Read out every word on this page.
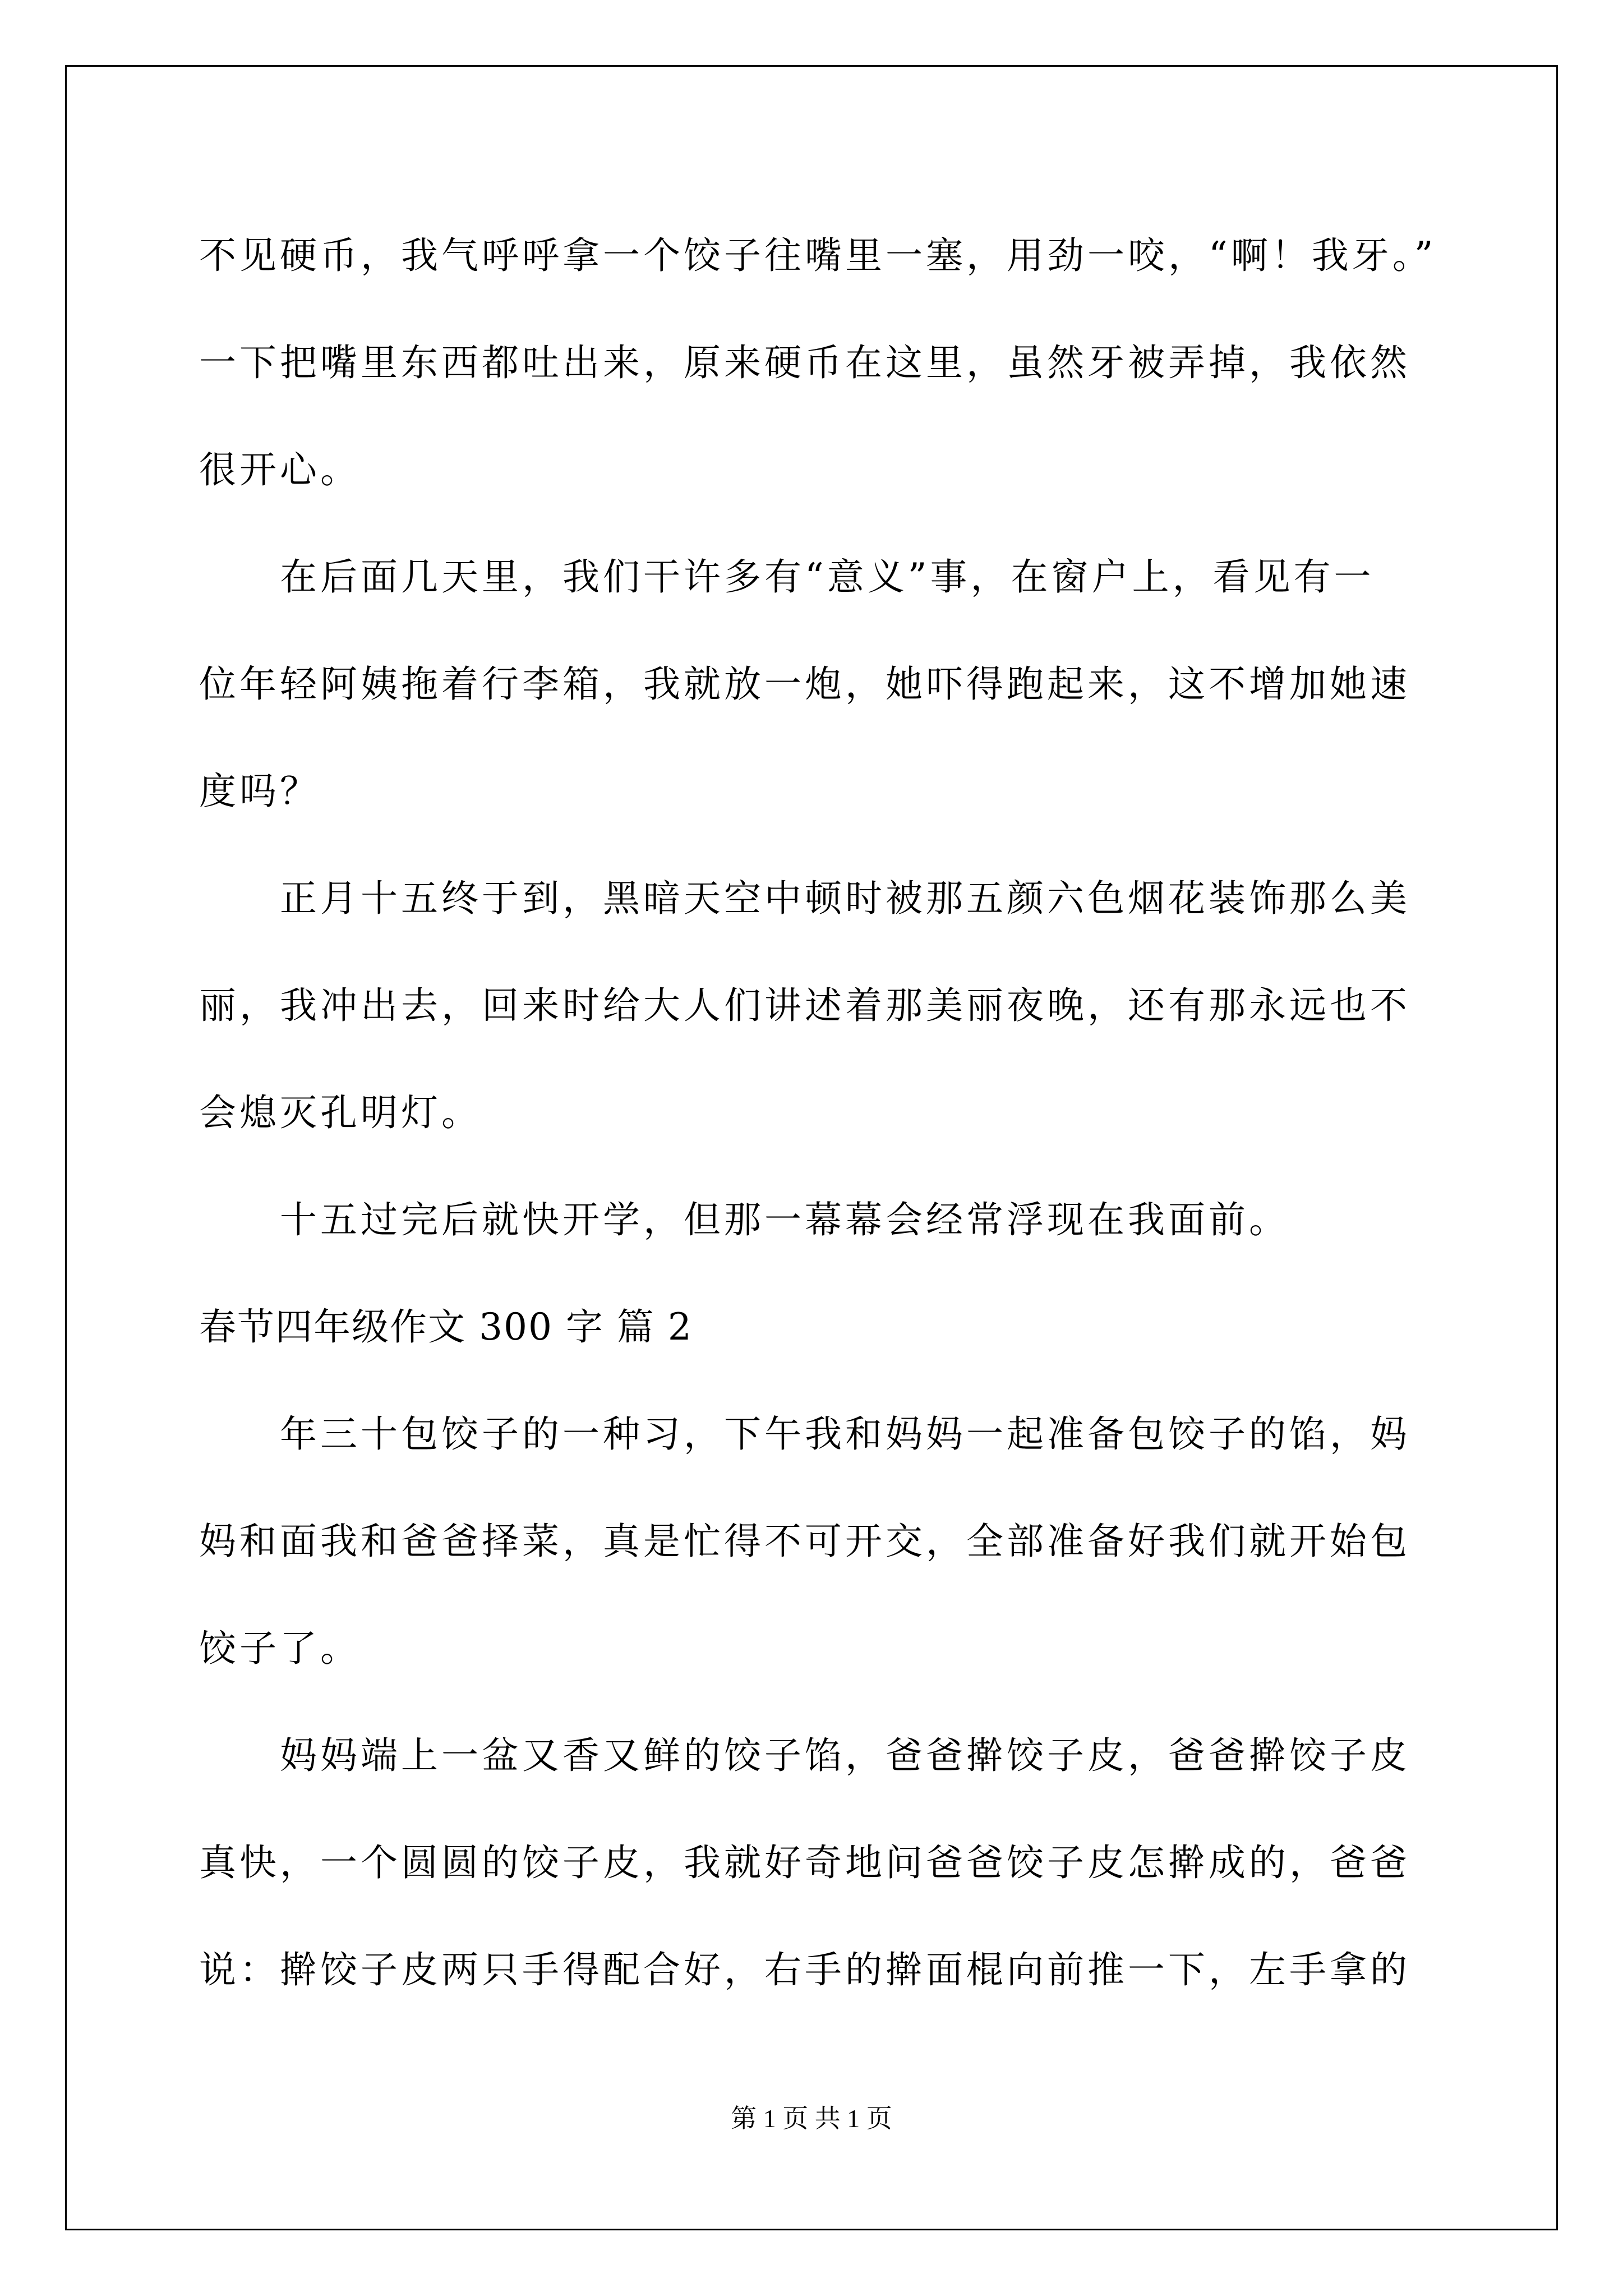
不见硬币，我气呼呼拿一个饺子往嘴里一塞，用劲一咬，“啊！我牙。”
一下把嘴里东西都吐出来，原来硬币在这里，虽然牙被弄掉，我依然
很开心。
在后面几天里，我们干许多有“意义”事，在窗户上，看见有一
位年轻阿姨拖着行李箱，我就放一炮，她吓得跑起来，这不增加她速
度吗？
正月十五终于到，黑暗天空中顿时被那五颜六色烟花装饰那么美
丽，我冲出去，回来时给大人们讲述着那美丽夜晚，还有那永远也不
会熄灭孔明灯。
十五过完后就快开学，但那一幕幕会经常浮现在我面前。
春节四年级作文 300 字 篇 2
年三十包饺子的一种习，下午我和妈妈一起准备包饺子的馅，妈
妈和面我和爸爸择菜，真是忙得不可开交，全部准备好我们就开始包
饺子了。
妈妈端上一盆又香又鲜的饺子馅，爸爸擀饺子皮，爸爸擀饺子皮
真快，一个圆圆的饺子皮，我就好奇地问爸爸饺子皮怎擀成的，爸爸
说：擀饺子皮两只手得配合好，右手的擀面棍向前推一下，左手拿的
第 1 页 共 1 页
